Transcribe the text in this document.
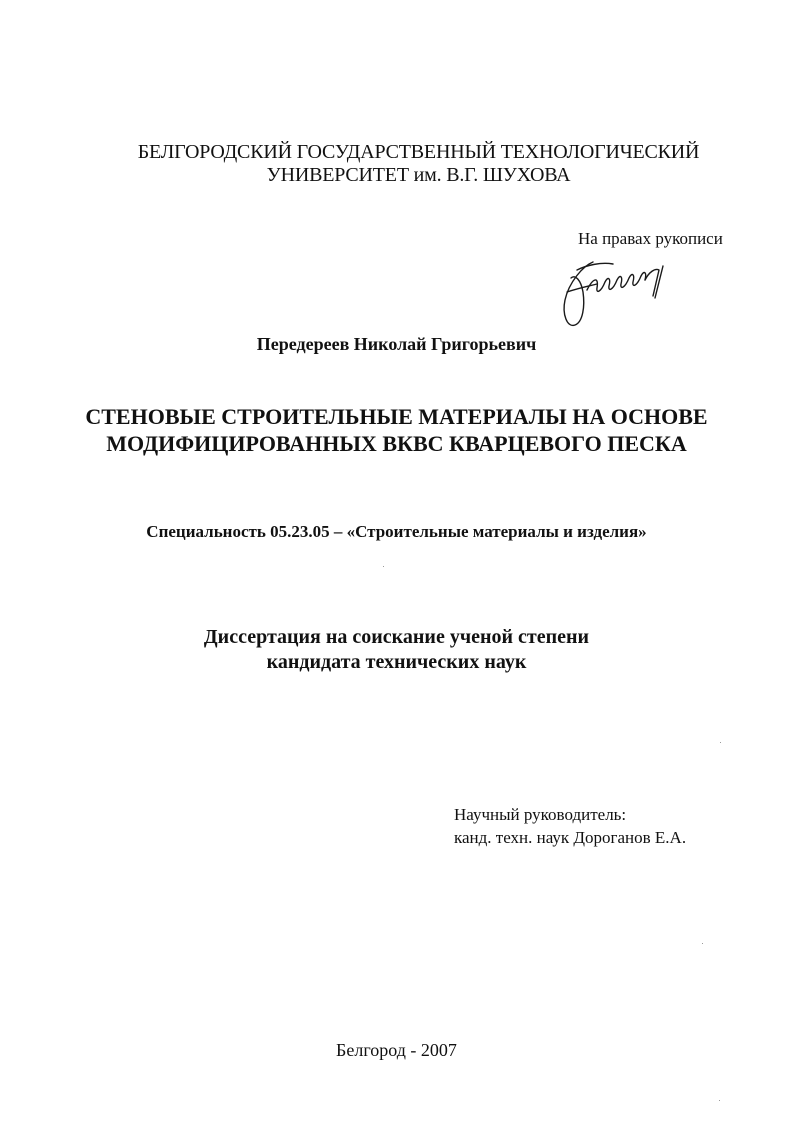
БЕЛГОРОДСКИЙ ГОСУДАРСТВЕННЫЙ ТЕХНОЛОГИЧЕСКИЙ
УНИВЕРСИТЕТ им. В.Г. ШУХОВА
На правах рукописи
Передереев Николай Григорьевич
СТЕНОВЫЕ СТРОИТЕЛЬНЫЕ МАТЕРИАЛЫ НА ОСНОВЕ
МОДИФИЦИРОВАННЫХ ВКВС КВАРЦЕВОГО ПЕСКА
Специальность 05.23.05 – «Строительные материалы и изделия»
Диссертация на соискание ученой степени
кандидата технических наук
Научный руководитель:
канд. техн. наук Дороганов Е.А.
Белгород - 2007
